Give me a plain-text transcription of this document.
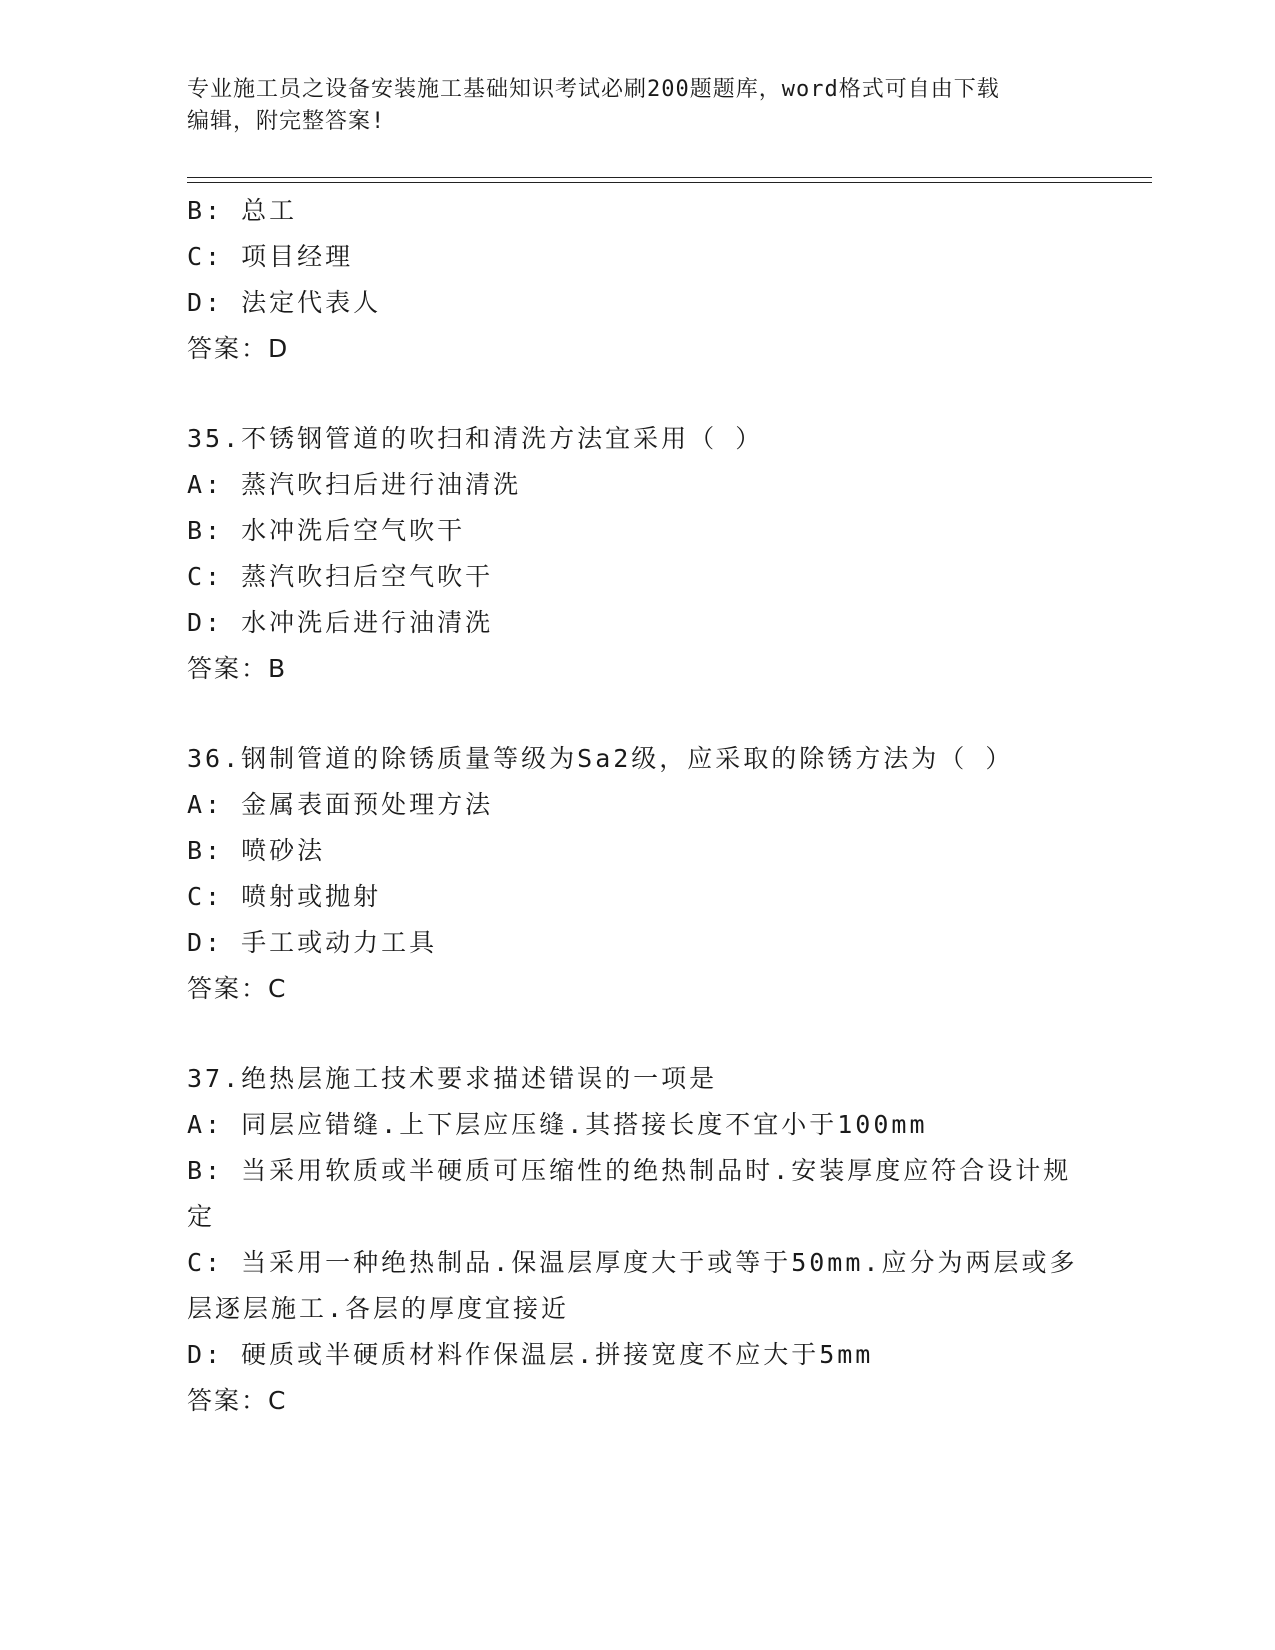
专业施工员之设备安装施工基础知识考试必刷200题题库，word格式可自由下载
编辑，附完整答案!
B: 总工
C: 项目经理
D: 法定代表人
答案：D
35.不锈钢管道的吹扫和清洗方法宜采用（ ）
A: 蒸汽吹扫后进行油清洗
B: 水冲洗后空气吹干
C: 蒸汽吹扫后空气吹干
D: 水冲洗后进行油清洗
答案：B
36.钢制管道的除锈质量等级为Sa2级，应采取的除锈方法为（ ）
A: 金属表面预处理方法
B: 喷砂法
C: 喷射或抛射
D: 手工或动力工具
答案：C
37.绝热层施工技术要求描述错误的一项是
A: 同层应错缝.上下层应压缝.其搭接长度不宜小于100mm
B: 当采用软质或半硬质可压缩性的绝热制品时.安装厚度应符合设计规定
C: 当采用一种绝热制品.保温层厚度大于或等于50mm.应分为两层或多层逐层施工.各层的厚度宜接近
D: 硬质或半硬质材料作保温层.拼接宽度不应大于5mm
答案：C
